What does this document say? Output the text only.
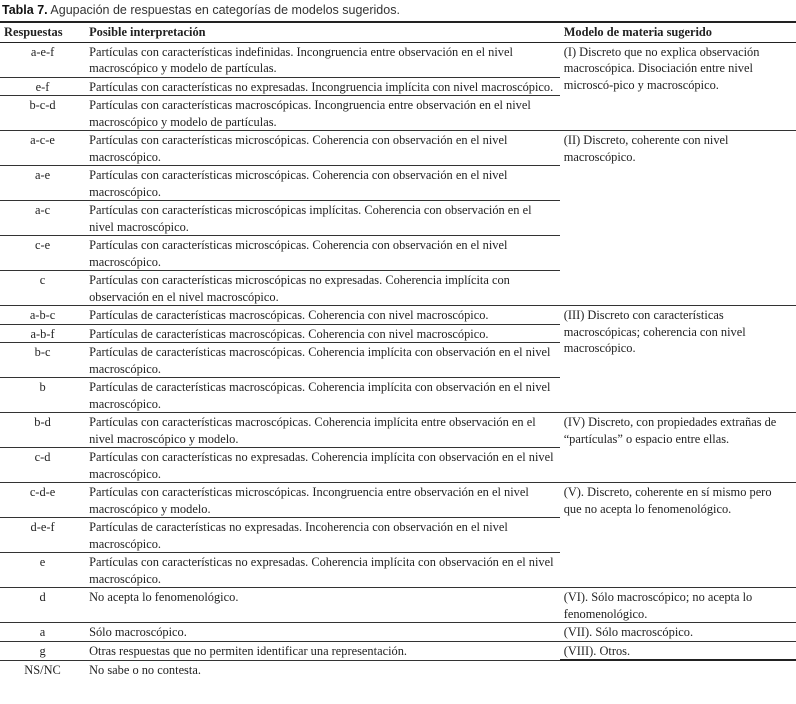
Tabla 7. Agupación de respuestas en categorías de modelos sugeridos.
Respuestas	Posible interpretación	Modelo de materia sugerido
a-e-f	Partículas con características indefinidas. Incongruencia entre observación en el nivel macroscópico y modelo de partículas.	(I) Discreto que no explica observación macroscópica. Disociación entre nivel microscó-pico y macroscópico.
e-f	Partículas con características no expresadas. Incongruencia implícita con nivel macroscópico.	
b-c-d	Partículas con características macroscópicas. Incongruencia entre observación en el nivel macroscópico y modelo de partículas.	
a-c-e	Partículas con características microscópicas. Coherencia con observación en el nivel macroscópico.	(II) Discreto, coherente con nivel macroscópico.
a-e	Partículas con características microscópicas. Coherencia con observación en el nivel macroscópico.	
a-c	Partículas con características microscópicas implícitas. Coherencia con observación en el nivel macroscópico.	
c-e	Partículas con características microscópicas. Coherencia con observación en el nivel macroscópico.	
c	Partículas con características microscópicas no expresadas. Coherencia implícita con observación en el nivel macroscópico.	
a-b-c	Partículas de características macroscópicas. Coherencia con nivel macroscópico.	(III) Discreto con características macroscópicas; coherencia con nivel macroscópico.
a-b-f	Partículas de características macroscópicas. Coherencia con nivel macroscópico.	
b-c	Partículas de características macroscópicas. Coherencia implícita con observación en el nivel macroscópico.	
b	Partículas de características macroscópicas. Coherencia implícita con observación en el nivel macroscópico.	
b-d	Partículas con características macroscópicas. Coherencia implícita entre observación en el nivel macroscópico y modelo.	(IV) Discreto, con propiedades extrañas de “partículas” o espacio entre ellas.
c-d	Partículas con características no expresadas. Coherencia implícita con observación en el nivel macroscópico.	
c-d-e	Partículas con características microscópicas. Incongruencia entre observación en el nivel macroscópico y modelo.	(V). Discreto, coherente en sí mismo pero que no acepta lo fenomenológico.
d-e-f	Partículas de características no expresadas. Incoherencia con observación en el nivel macroscópico.	
e	Partículas con características no expresadas. Coherencia implícita con observación en el nivel macroscópico.	
d	No acepta lo fenomenológico.	(VI). Sólo macroscópico; no acepta lo fenomenológico.
a	Sólo macroscópico.	(VII). Sólo macroscópico.
g	Otras respuestas que no permiten identificar una representación.	(VIII). Otros.
NS/NC	No sabe o no contesta.	
